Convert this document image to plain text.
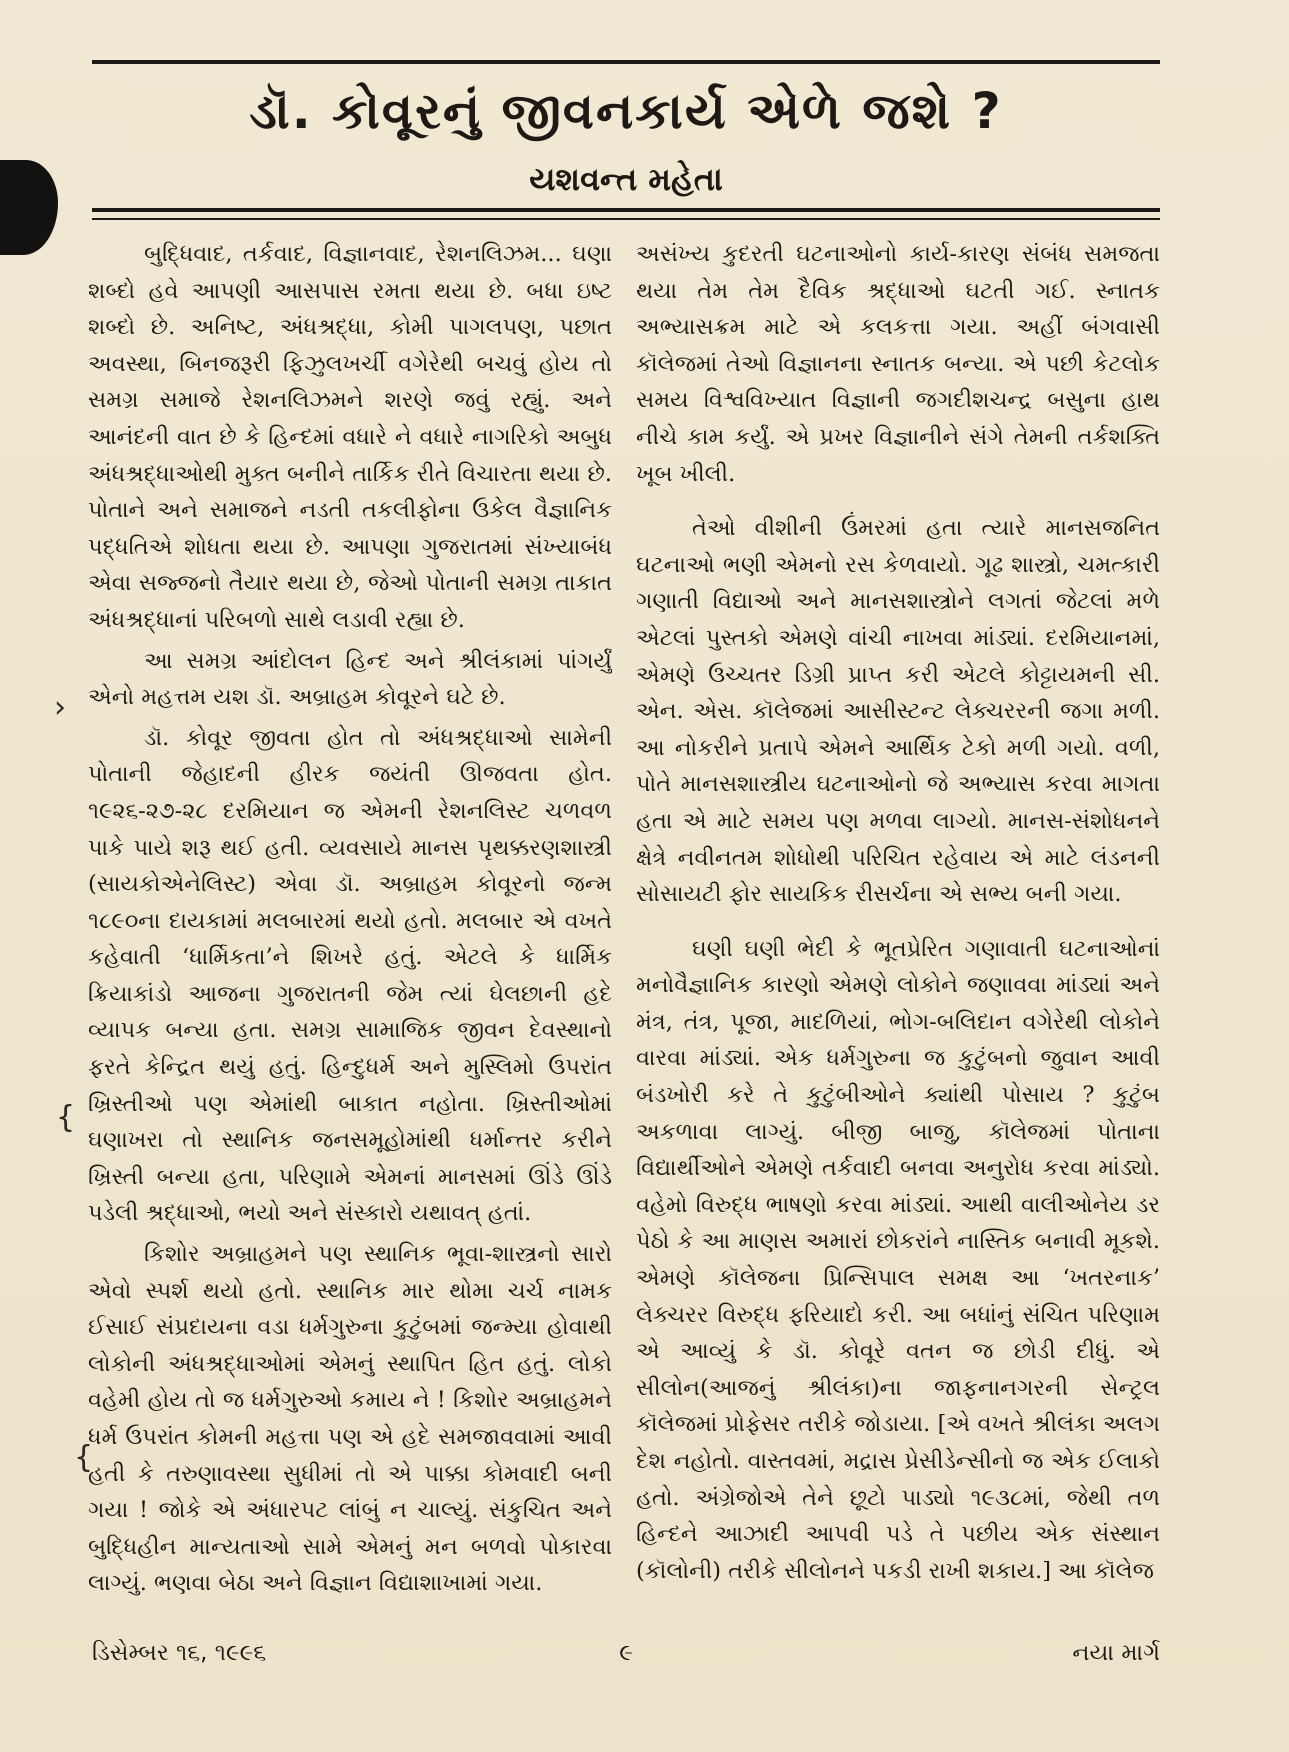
ડૉ. કોવૂરનું જીવનકાર્ય એળે જશે ?
યશવન્ત મહેતા

બુદ્ધિવાદ, તર્કવાદ, વિજ્ઞાનવાદ, રેશનલિઝમ... ઘણા શબ્દો હવે આપણી આસપાસ રમતા થયા છે. બધા ઇષ્ટ શબ્દો છે. અનિષ્ટ, અંધશ્રદ્ધા, કોમી પાગલપણ, પછાત અવસ્થા, બિનજરૂરી ફિઝુલખર્ચી વગેરેથી બચવું હોય તો સમગ્ર સમાજે રેશનલિઝમને શરણે જવું રહ્યું. અને આનંદની વાત છે કે હિન્દમાં વધારે ને વધારે નાગરિકો અબુધ અંધશ્રદ્ધાઓથી મુક્ત બનીને તાર્કિક રીતે વિચારતા થયા છે. પોતાને અને સમાજને નડતી તકલીફોના ઉકેલ વૈજ્ઞાનિક પદ્ધતિએ શોધતા થયા છે. આપણા ગુજરાતમાં સંખ્યાબંધ એવા સજ્જનો તૈયાર થયા છે, જેઓ પોતાની સમગ્ર તાકાત અંધશ્રદ્ધાનાં પરિબળો સાથે લડાવી રહ્યા છે.

આ સમગ્ર આંદોલન હિન્દ અને શ્રીલંકામાં પાંગર્યું એનો મહત્તમ યશ ડૉ. અબ્રાહમ કોવૂરને ઘટે છે.

ડૉ. કોવૂર જીવતા હોત તો અંધશ્રદ્ધાઓ સામેની પોતાની જેહાદની હીરક જયંતી ઊજવતા હોત. ૧૯૨૬-૨૭-૨૮ દરમિયાન જ એમની રેશનલિસ્ટ ચળવળ પાકે પાયે શરૂ થઈ હતી. વ્યવસાયે માનસ પૃથક્કરણશાસ્ત્રી (સાયકોએનેલિસ્ટ) એવા ડૉ. અબ્રાહમ કોવૂરનો જન્મ ૧૮૯૦ના દાયકામાં મલબારમાં થયો હતો. મલબાર એ વખતે કહેવાતી ‘ધાર્મિકતા’ને શિખરે હતું. એટલે કે ધાર્મિક ક્રિયાકાંડો આજના ગુજરાતની જેમ ત્યાં ઘેલછાની હદે વ્યાપક બન્યા હતા. સમગ્ર સામાજિક જીવન દેવસ્થાનો ફરતે કેન્દ્રિત થયું હતું. હિન્દુધર્મ અને મુસ્લિમો ઉપરાંત ખ્રિસ્તીઓ પણ એમાંથી બાકાત નહોતા. ખ્રિસ્તીઓમાં ઘણાખરા તો સ્થાનિક જનસમૂહોમાંથી ધર્માન્તર કરીને ખ્રિસ્તી બન્યા હતા, પરિણામે એમનાં માનસમાં ઊંડે ઊંડે પડેલી શ્રદ્ધાઓ, ભયો અને સંસ્કારો યથાવત્ હતાં.

કિશોર અબ્રાહમને પણ સ્થાનિક ભૂવા-શાસ્ત્રનો સારો એવો સ્પર્શ થયો હતો. સ્થાનિક માર થોમા ચર્ચ નામક ઈસાઈ સંપ્રદાયના વડા ધર્મગુરુના કુટુંબમાં જન્મ્યા હોવાથી લોકોની અંધશ્રદ્ધાઓમાં એમનું સ્થાપિત હિત હતું. લોકો વહેમી હોય તો જ ધર્મગુરુઓ કમાય ને ! કિશોર અબ્રાહમને ધર્મ ઉપરાંત કોમની મહત્તા પણ એ હદે સમજાવવામાં આવી હતી કે તરુણાવસ્થા સુધીમાં તો એ પાક્કા કોમવાદી બની ગયા ! જોકે એ અંધારપટ લાંબું ન ચાલ્યું. સંકુચિત અને બુદ્ધિહીન માન્યતાઓ સામે એમનું મન બળવો પોકારવા લાગ્યું. ભણવા બેઠા અને વિજ્ઞાન વિદ્યાશાખામાં ગયા.

અસંખ્ય કુદરતી ઘટનાઓનો કાર્ય-કારણ સંબંધ સમજતા થયા તેમ તેમ દૈવિક શ્રદ્ધાઓ ઘટતી ગઈ. સ્નાતક અભ્યાસક્રમ માટે એ કલકત્તા ગયા. અહીં બંગવાસી કૉલેજમાં તેઓ વિજ્ઞાનના સ્નાતક બન્યા. એ પછી કેટલોક સમય વિશ્વવિખ્યાત વિજ્ઞાની જગદીશચન્દ્ર બસુના હાથ નીચે કામ કર્યું. એ પ્રખર વિજ્ઞાનીને સંગે તેમની તર્કશક્તિ ખૂબ ખીલી.

તેઓ વીશીની ઉંમરમાં હતા ત્યારે માનસજનિત ઘટનાઓ ભણી એમનો રસ કેળવાયો. ગૂઢ શાસ્ત્રો, ચમત્કારી ગણાતી વિદ્યાઓ અને માનસશાસ્ત્રોને લગતાં જેટલાં મળે એટલાં પુસ્તકો એમણે વાંચી નાખવા માંડ્યાં. દરમિયાનમાં, એમણે ઉચ્ચતર ડિગ્રી પ્રાપ્ત કરી એટલે કોટ્ટાયમની સી. એન. એસ. કૉલેજમાં આસીસ્ટન્ટ લેક્ચરરની જગા મળી. આ નોકરીને પ્રતાપે એમને આર્થિક ટેકો મળી ગયો. વળી, પોતે માનસશાસ્ત્રીય ઘટનાઓનો જે અભ્યાસ કરવા માગતા હતા એ માટે સમય પણ મળવા લાગ્યો. માનસ-સંશોધનને ક્ષેત્રે નવીનતમ શોધોથી પરિચિત રહેવાય એ માટે લંડનની સોસાયટી ફોર સાયકિક રીસર્ચના એ સભ્ય બની ગયા.

ઘણી ઘણી ભેદી કે ભૂતપ્રેરિત ગણાવાતી ઘટનાઓનાં મનોવૈજ્ઞાનિક કારણો એમણે લોકોને જણાવવા માંડ્યાં અને મંત્ર, તંત્ર, પૂજા, માદળિયાં, ભોગ-બલિદાન વગેરેથી લોકોને વારવા માંડ્યાં. એક ધર્મગુરુના જ કુટુંબનો જુવાન આવી બંડખોરી કરે તે કુટુંબીઓને ક્યાંથી પોસાય ? કુટુંબ અકળાવા લાગ્યું. બીજી બાજુ, કૉલેજમાં પોતાના વિદ્યાર્થીઓને એમણે તર્કવાદી બનવા અનુરોધ કરવા માંડ્યો. વહેમો વિરુદ્ધ ભાષણો કરવા માંડ્યાં. આથી વાલીઓનેય ડર પેઠો કે આ માણસ અમારાં છોકરાંને નાસ્તિક બનાવી મૂકશે. એમણે કૉલેજના પ્રિન્સિપાલ સમક્ષ આ ‘ખતરનાક’ લેક્ચરર વિરુદ્ધ ફરિયાદો કરી. આ બધાંનું સંચિત પરિણામ એ આવ્યું કે ડૉ. કોવૂરે વતન જ છોડી દીધું. એ સીલોન(આજનું શ્રીલંકા)ના જાફનાનગરની સેન્ટ્રલ કૉલેજમાં પ્રોફેસર તરીકે જોડાયા. [એ વખતે શ્રીલંકા અલગ દેશ નહોતો. વાસ્તવમાં, મદ્રાસ પ્રેસીડેન્સીનો જ એક ઈલાકો હતો. અંગ્રેજોએ તેને છૂટો પાડ્યો ૧૯૩૮માં, જેથી તળ હિન્દને આઝાદી આપવી પડે તે પછીય એક સંસ્થાન (કૉલોની) તરીકે સીલોનને પકડી રાખી શકાય.] આ કૉલેજ

›
{
{
ડિસેમ્બર ૧૬, ૧૯૯૬	૯	નયા માર્ગ
